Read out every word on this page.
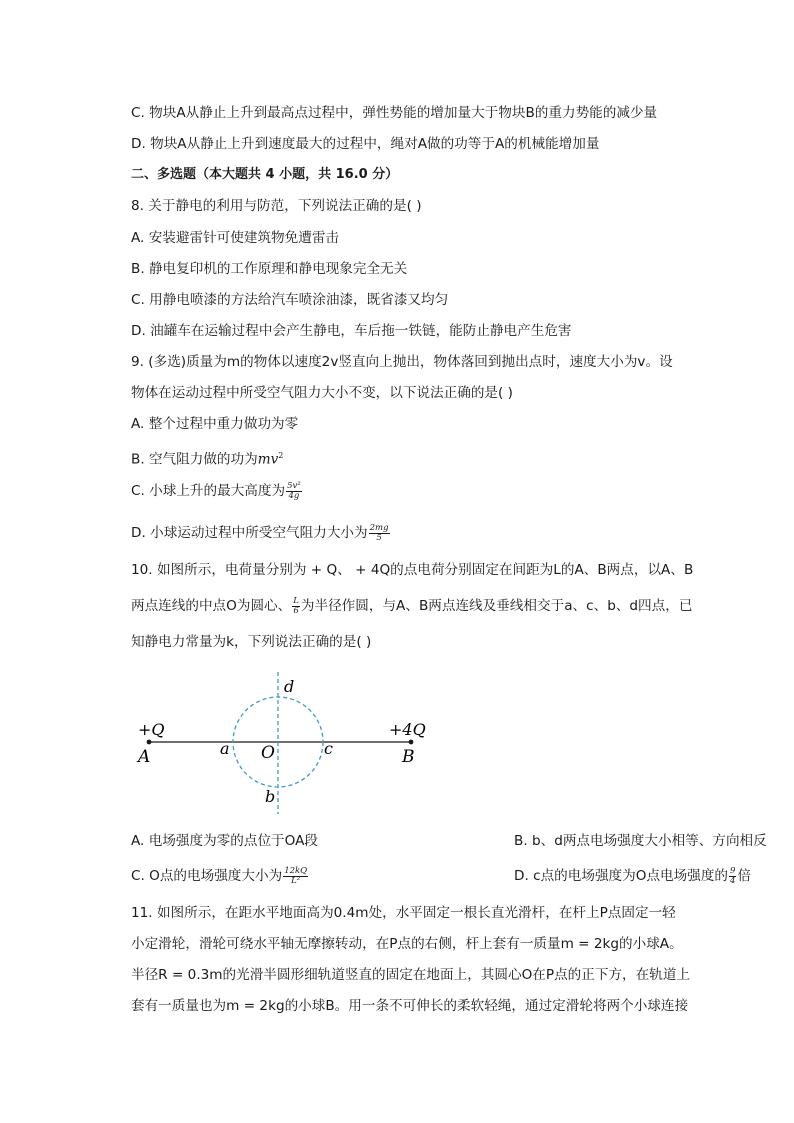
C. 物块A从静止上升到最高点过程中，弹性势能的增加量大于物块B的重力势能的减少量
D. 物块A从静止上升到速度最大的过程中，绳对A做的功等于A的机械能增加量
二、多选题（本大题共 4 小题，共 16.0 分）
8. 关于静电的利用与防范，下列说法正确的是( )
A. 安装避雷针可使建筑物免遭雷击
B. 静电复印机的工作原理和静电现象完全无关
C. 用静电喷漆的方法给汽车喷涂油漆，既省漆又均匀
D. 油罐车在运输过程中会产生静电，车后拖一铁链，能防止静电产生危害
9. (多选)质量为m的物体以速度2v竖直向上抛出，物体落回到抛出点时，速度大小为v。设
物体在运动过程中所受空气阻力大小不变，以下说法正确的是( )
A. 整个过程中重力做功为零
B. 空气阻力做的功为$mv^2$
C. 小球上升的最大高度为 $\frac{\text{5v²}}{4g}$
D. 小球运动过程中所受空气阻力大小为 $\frac{2mg}{5}$
10. 如图所示，电荷量分别为 + Q、 + 4Q的点电荷分别固定在间距为L的A、B两点，以A、B
两点连线的中点O为圆心、 $\frac{L}{6}$ 为半径作圆，与A、B两点连线及垂线相交于a、c、b、d四点，已
知静电力常量为k，下列说法正确的是( )
+Q
A	a O	c
+4Q
B
d
b
A. 电场强度为零的点位于OA段	B. b、d两点电场强度大小相等、方向相反
C. O点的电场强度大小为 $\frac{12kQ}{\text{L²}}$	D. c点的电场强度为O点电场强度的 $\frac{9}{4}$ 倍
11. 如图所示，在距水平地面高为0.4m处，水平固定一根长直光滑杆，在杆上P点固定一轻
小定滑轮，滑轮可绕水平轴无摩擦转动，在P点的右侧，杆上套有一质量m = 2kg的小球A。
半径R = 0.3m的光滑半圆形细轨道竖直的固定在地面上，其圆心O在P点的正下方，在轨道上
套有一质量也为m = 2kg的小球B。用一条不可伸长的柔软轻绳，通过定滑轮将两个小球连接
